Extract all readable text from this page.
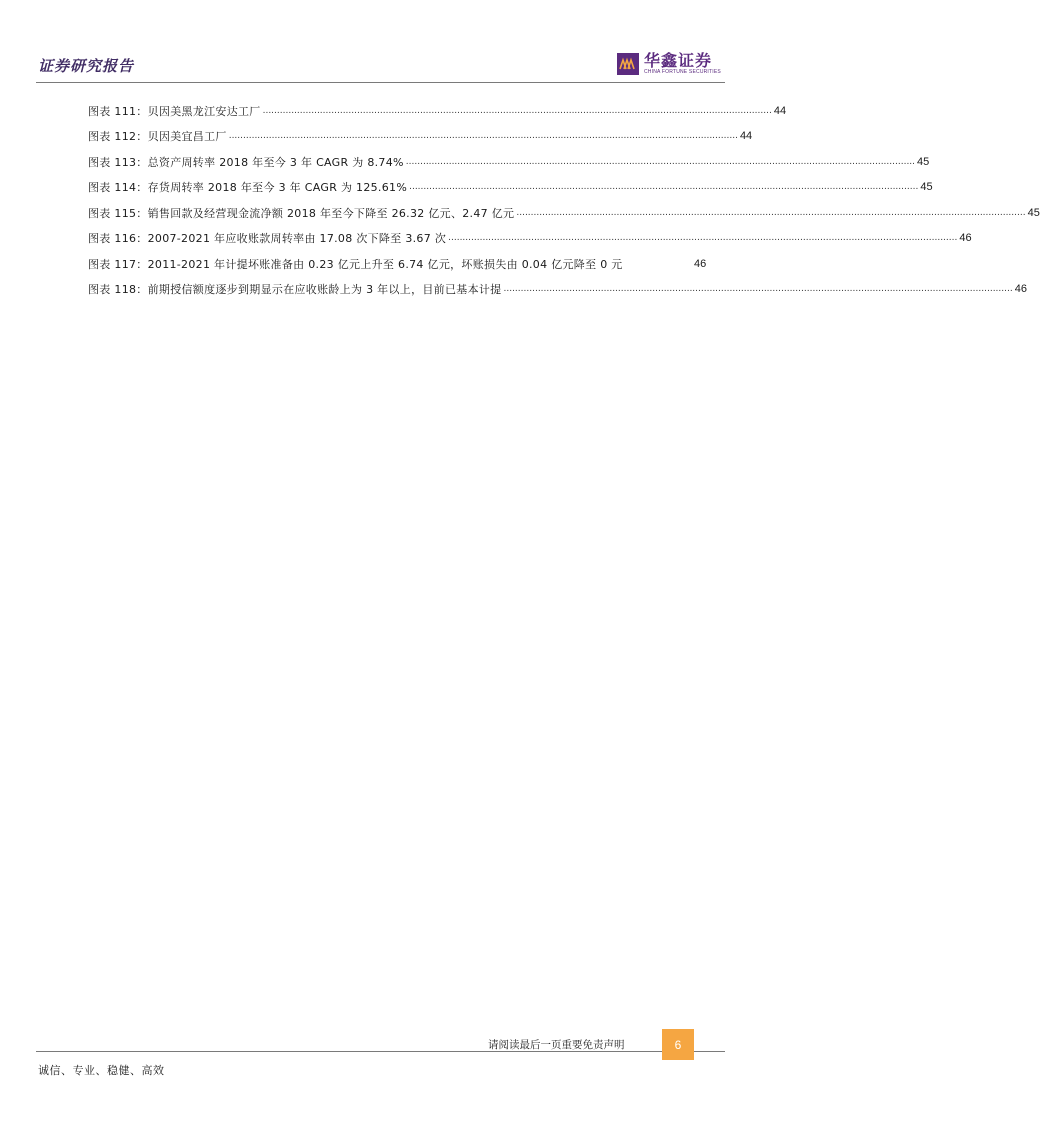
证券研究报告	华鑫证券
CHINA FORTUNE SECURITIES
图表 111：贝因美黑龙江安达工厂 .................................................................................................................................................................................. 44
图表 112：贝因美宜昌工厂 .................................................................................................................................................................................. 44
图表 113：总资产周转率 2018 年至今 3 年 CAGR 为 8.74% .................................................................................................................................................................................. 45
图表 114：存货周转率 2018 年至今 3 年 CAGR 为 125.61% .................................................................................................................................................................................. 45
图表 115：销售回款及经营现金流净额 2018 年至今下降至 26.32 亿元、2.47 亿元 .................................................................................................................................................................................. 45
图表 116：2007-2021 年应收账款周转率由 17.08 次下降至 3.67 次 .................................................................................................................................................................................. 46
图表 117：2011-2021 年计提坏账准备由 0.23 亿元上升至 6.74 亿元，坏账损失由 0.04 亿元降至 0 元	46
图表 118：前期授信额度逐步到期显示在应收账龄上为 3 年以上，目前已基本计提 .................................................................................................................................................................................. 46
请阅读最后一页重要免责声明	6
诚信、专业、稳健、高效
